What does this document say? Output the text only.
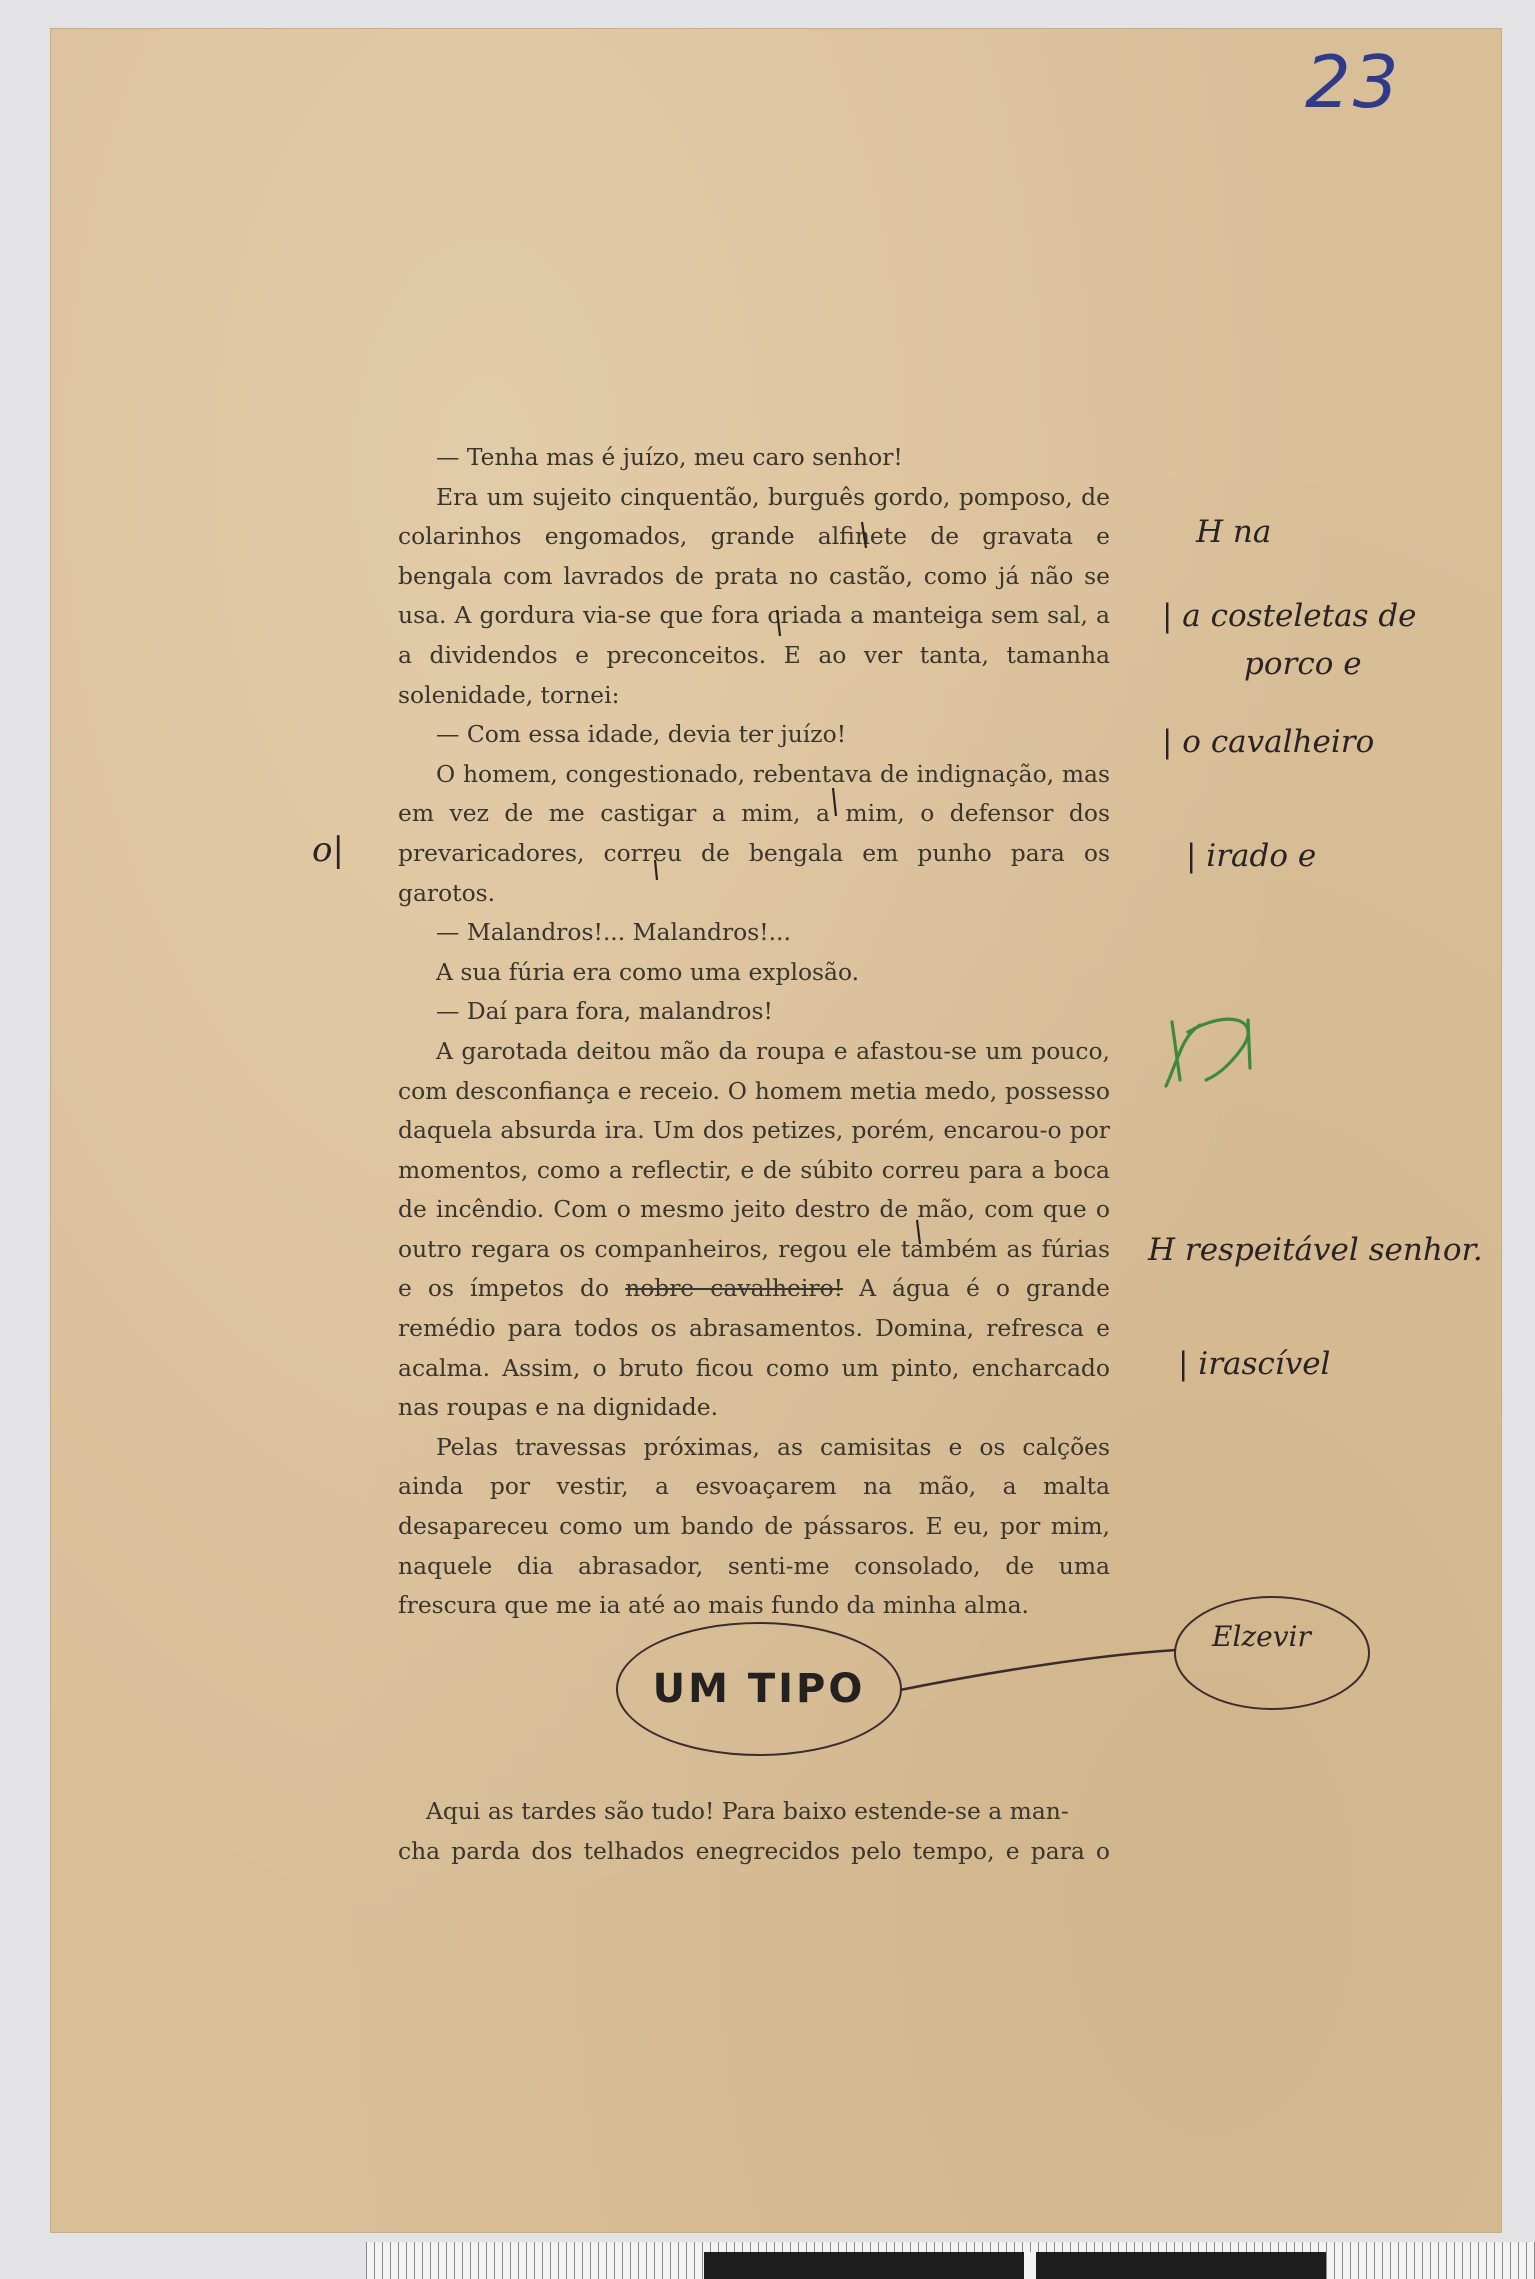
23

— Tenha mas é juízo, meu caro senhor!

Era um sujeito cinquentão, burguês gordo, pomposo, de colarinhos engomados, grande alfinete de gravata e bengala com lavrados de prata no castão, como já não se usa. A gordura via-se que fora criada a manteiga sem sal, a a dividendos e preconceitos. E ao ver tanta, tamanha solenidade, tornei:

— Com essa idade, devia ter juízo!

O homem, congestionado, rebentava de indignação, mas em vez de me castigar a mim, a mim, o defensor dos prevaricadores, correu de bengala em punho para os garotos.

— Malandros!... Malandros!...

A sua fúria era como uma explosão.

— Daí para fora, malandros!

A garotada deitou mão da roupa e afastou-se um pouco, com desconfiança e receio. O homem metia medo, possesso daquela absurda ira. Um dos petizes, porém, encarou-o por momentos, como a reflectir, e de súbito correu para a boca de incêndio. Com o mesmo jeito destro de mão, com que o outro regara os companheiros, regou ele também as fúrias e os ímpetos do nobre cavalheiro! A água é o grande remédio para todos os abrasamentos. Domina, refresca e acalma. Assim, o bruto ficou como um pinto, encharcado nas roupas e na dignidade.

Pelas travessas próximas, as camisitas e os calções ainda por vestir, a esvoaçarem na mão, a malta desapareceu como um bando de pássaros. E eu, por mim, naquele dia abrasador, senti-me consolado, de uma frescura que me ia até ao mais fundo da minha alma.

UM TIPO
Elzevir

Aqui as tardes são tudo! Para baixo estende-se a man-

cha parda dos telhados enegrecidos pelo tempo, e para o

H na
| a costeletas de
porco e
| o cavalheiro
| irado e
H respeitável senhor.
| irascível
o|
